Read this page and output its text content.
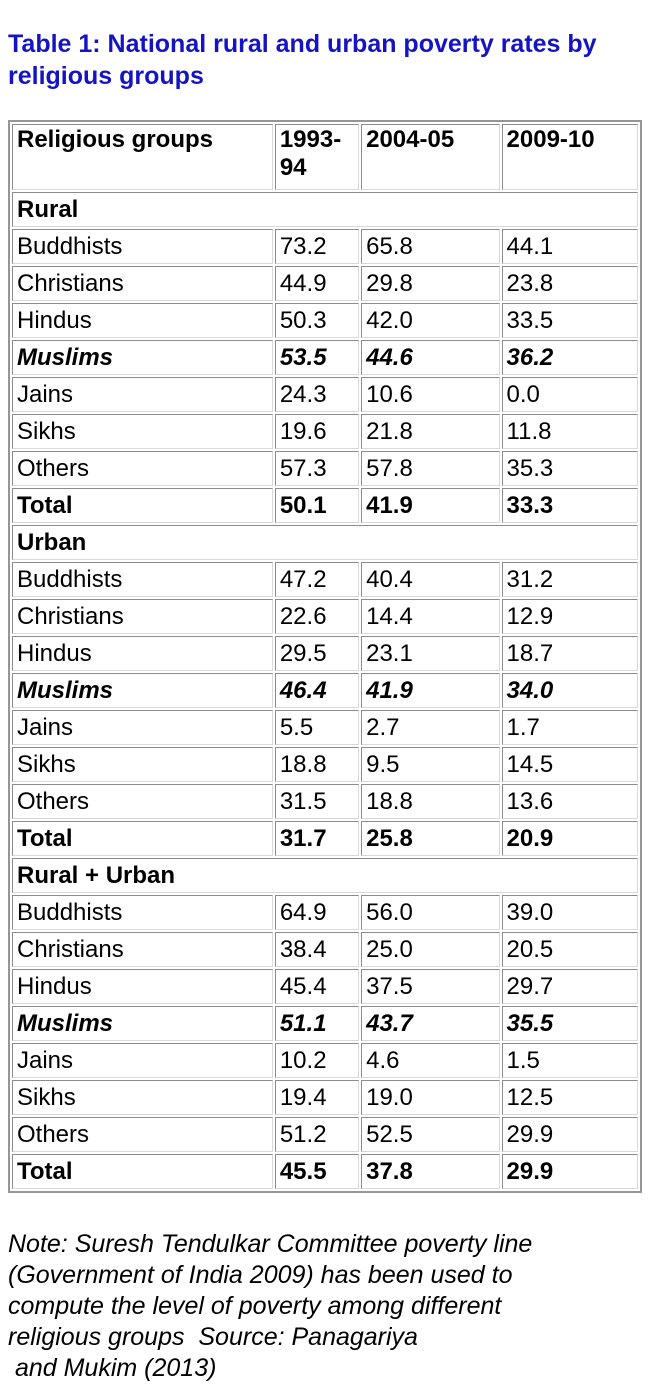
Table 1: National rural and urban poverty rates by religious groups
Religious groups	1993-94	2004-05	2009-10
Rural			
Buddhists	73.2	65.8	44.1
Christians	44.9	29.8	23.8
Hindus	50.3	42.0	33.5
Muslims	53.5	44.6	36.2
Jains	24.3	10.6	0.0
Sikhs	19.6	21.8	11.8
Others	57.3	57.8	35.3
Total	50.1	41.9	33.3
Urban			
Buddhists	47.2	40.4	31.2
Christians	22.6	14.4	12.9
Hindus	29.5	23.1	18.7
Muslims	46.4	41.9	34.0
Jains	5.5	2.7	1.7
Sikhs	18.8	9.5	14.5
Others	31.5	18.8	13.6
Total	31.7	25.8	20.9
Rural + Urban			
Buddhists	64.9	56.0	39.0
Christians	38.4	25.0	20.5
Hindus	45.4	37.5	29.7
Muslims	51.1	43.7	35.5
Jains	10.2	4.6	1.5
Sikhs	19.4	19.0	12.5
Others	51.2	52.5	29.9
Total	45.5	37.8	29.9
Note: Suresh Tendulkar Committee poverty line
(Government of India 2009) has been used to
compute the level of poverty among different
religious groups  Source: Panagariya
and Mukim (2013)
